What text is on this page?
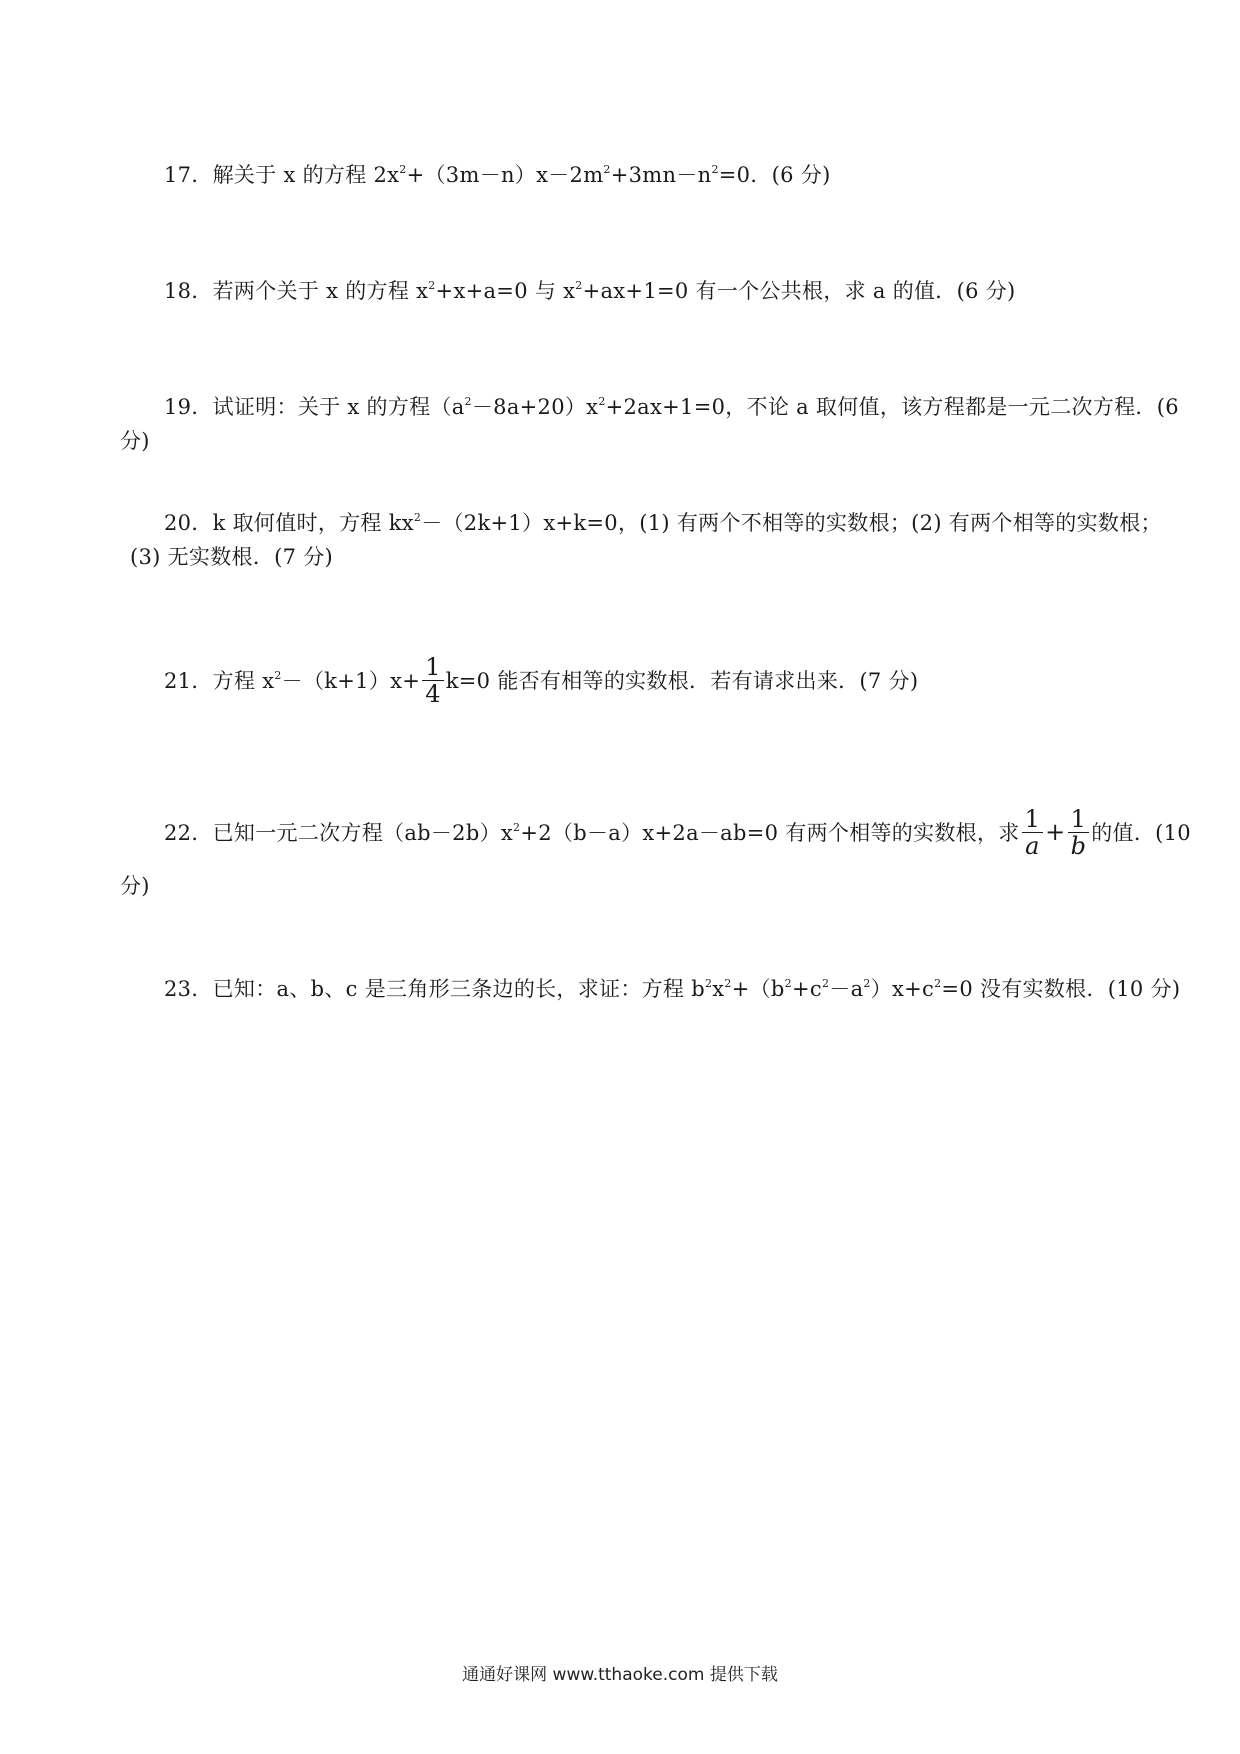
17．解关于 x 的方程 $2x^2+(3m-n)x-2m^2+3mn-n^2=0$．(6 分)
18．若两个关于 x 的方程 $x^2+x+a=0$ 与 $x^2+ax+1=0$ 有一个公共根，求 a 的值．(6 分)
19．试证明：关于 x 的方程$(a^2-8a+20)x^2+2ax+1=0$，不论 a 取何值，该方程都是一元二次方程．(6
分)
20．k 取何值时，方程 $kx^2-(2k+1)x+k=0$，(1) 有两个不相等的实数根；(2) 有两个相等的实数根；
(3) 无实数根．(7 分)
21．方程 $x^2-(k+1)x+ \frac{1}{4} k=0$ 能否有相等的实数根．若有请求出来．(7 分)
22．已知一元二次方程$(ab-2b)x^2+2(b-a)x+2a-ab=0$ 有两个相等的实数根，求 $\frac{1}{a} + \frac{1}{b}$ 的值．(10
分)
23．已知：a、b、c 是三角形三条边的长，求证：方程 $b^2x^2+(b^2+c^2-a^2)x+c^2=0$ 没有实数根．(10 分)
通通好课网 www.tthaoke.com 提供下载
